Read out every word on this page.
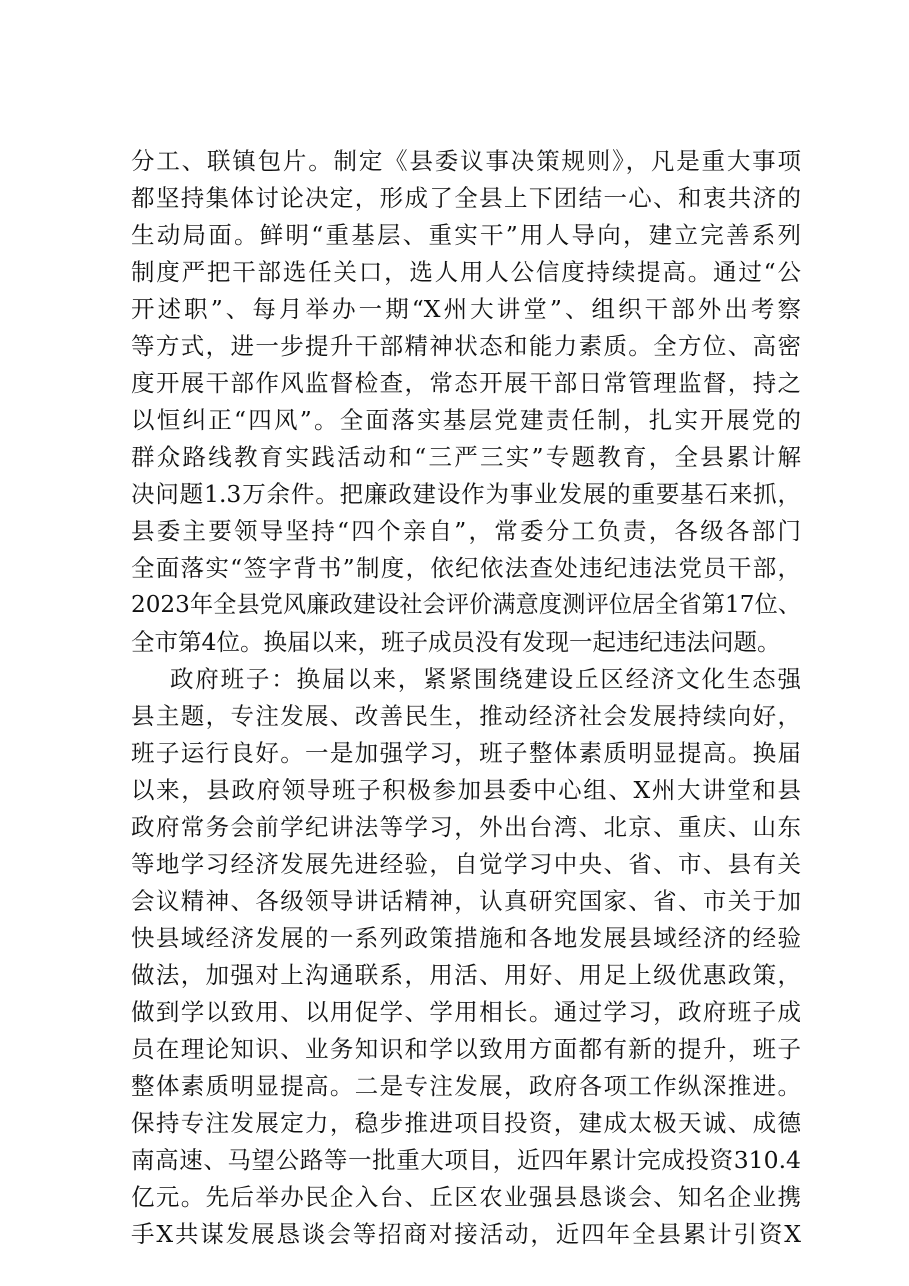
分工、联镇包片。制定《县委议事决策规则》，凡是重大事项
都坚持集体讨论决定，形成了全县上下团结一心、和衷共济的
生动局面。鲜明“重基层、重实干”用人导向，建立完善系列
制度严把干部选任关口，选人用人公信度持续提高。通过“公
开述职”、每月举办一期“X州大讲堂”、组织干部外出考察
等方式，进一步提升干部精神状态和能力素质。全方位、高密
度开展干部作风监督检查，常态开展干部日常管理监督，持之
以恒纠正“四风”。全面落实基层党建责任制，扎实开展党的
群众路线教育实践活动和“三严三实”专题教育，全县累计解
决问题1.3万余件。把廉政建设作为事业发展的重要基石来抓，
县委主要领导坚持“四个亲自”，常委分工负责，各级各部门
全面落实“签字背书”制度，依纪依法查处违纪违法党员干部，
2023年全县党风廉政建设社会评价满意度测评位居全省第17位、
全市第4位。换届以来，班子成员没有发现一起违纪违法问题。
政府班子：换届以来，紧紧围绕建设丘区经济文化生态强
县主题，专注发展、改善民生，推动经济社会发展持续向好，
班子运行良好。一是加强学习，班子整体素质明显提高。换届
以来，县政府领导班子积极参加县委中心组、X州大讲堂和县
政府常务会前学纪讲法等学习，外出台湾、北京、重庆、山东
等地学习经济发展先进经验，自觉学习中央、省、市、县有关
会议精神、各级领导讲话精神，认真研究国家、省、市关于加
快县域经济发展的一系列政策措施和各地发展县域经济的经验
做法，加强对上沟通联系，用活、用好、用足上级优惠政策，
做到学以致用、以用促学、学用相长。通过学习，政府班子成
员在理论知识、业务知识和学以致用方面都有新的提升，班子
整体素质明显提高。二是专注发展，政府各项工作纵深推进。
保持专注发展定力，稳步推进项目投资，建成太极天诚、成德
南高速、马望公路等一批重大项目，近四年累计完成投资310.4
亿元。先后举办民企入台、丘区农业强县恳谈会、知名企业携
手X共谋发展恳谈会等招商对接活动，近四年全县累计引资X
